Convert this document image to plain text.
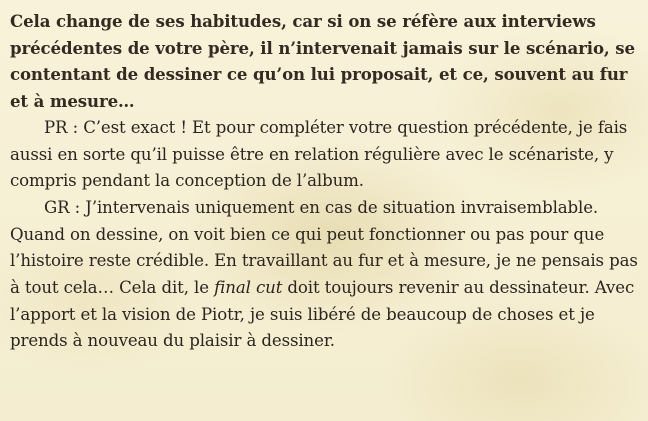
Cela change de ses habitudes, car si on se réfère aux interviews précédentes de votre père, il n’intervenait jamais sur le scénario, se contentant de dessiner ce qu’on lui proposait, et ce, souvent au fur et à mesure…

PR : C’est exact ! Et pour compléter votre question précédente, je fais aussi en sorte qu’il puisse être en relation régulière avec le scénariste, y compris pendant la conception de l’album.

GR : J’intervenais uniquement en cas de situation invraisemblable. Quand on dessine, on voit bien ce qui peut fonctionner ou pas pour que l’histoire reste crédible. En travaillant au fur et à mesure, je ne pensais pas à tout cela… Cela dit, le final cut doit toujours revenir au dessinateur. Avec l’apport et la vision de Piotr, je suis libéré de beaucoup de choses et je prends à nouveau du plaisir à dessiner.
